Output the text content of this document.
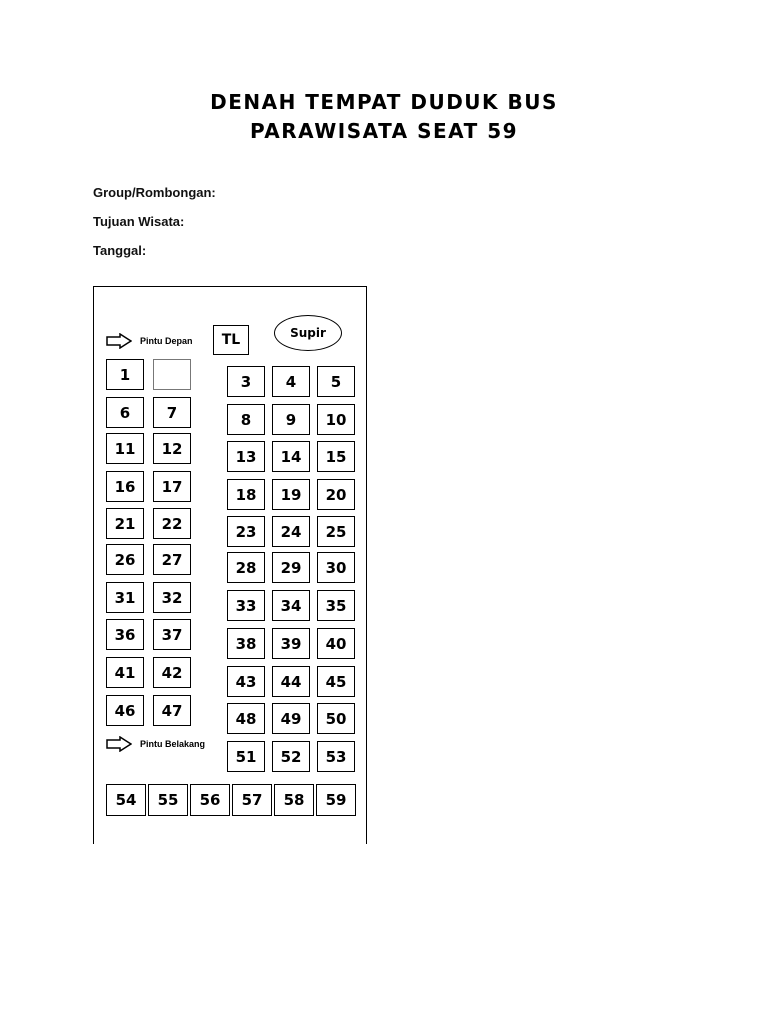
DENAH TEMPAT DUDUK BUS
PARAWISATA SEAT 59
Group/Rombongan:
Tujuan Wisata:
Tanggal:
Pintu Depan	TL	Supir
Pintu Belakang
1
6	7
11	12
16	17
21	22
26	27
31	32
36	37
41	42
46	47
3	4	5
8	9	10
13	14	15
18	19	20
23	24	25
28	29	30
33	34	35
38	39	40
43	44	45
48	49	50
51	52	53
54	55	56	57	58	59
